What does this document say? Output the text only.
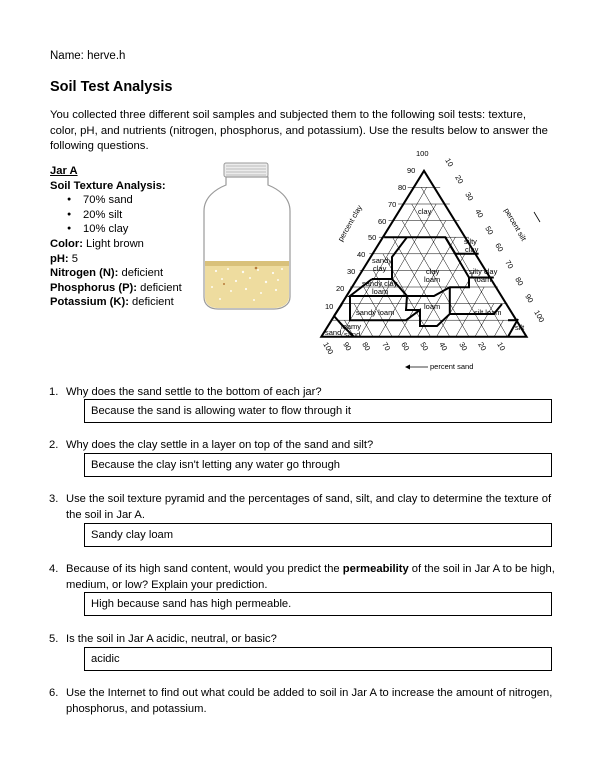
Name: herve.h
Soil Test Analysis
You collected three different soil samples and subjected them to the following soil tests: texture, color, pH, and nutrients (nitrogen, phosphorus, and potassium). Use the results below to answer the following questions.
Jar A
Soil Texture Analysis:
● 70% sand
● 20% silt
● 10% clay
Color: Light brown
pH: 5
Nitrogen (N): deficient
Phosphorus (P): deficient
Potassium (K): deficient
100
90
80
70
60
50
40
30
20
10
10
20
30
40
50
60
70
80
90
100
100 90 80 70 60 50 40 30 20 10
percent clay	percent silt
percent sand
clay
sandy
clay
silty
clay
clay
loam
sandy clay
loam
silty clay
loam
loam
sandy loam	silt loam
loamy
sand
sand
silt
1. Why does the sand settle to the bottom of each jar?
Because the sand is allowing water to flow through it
2. Why does the clay settle in a layer on top of the sand and silt?
Because the clay isn't letting any water go through
3. Use the soil texture pyramid and the percentages of sand, silt, and clay to determine the texture of the soil in Jar A.
Sandy clay loam
4. Because of its high sand content, would you predict the permeability of the soil in Jar A to be high, medium, or low? Explain your prediction.
High because sand has high permeable.
5. Is the soil in Jar A acidic, neutral, or basic?
acidic
6. Use the Internet to find out what could be added to soil in Jar A to increase the amount of nitrogen, phosphorus, and potassium.
